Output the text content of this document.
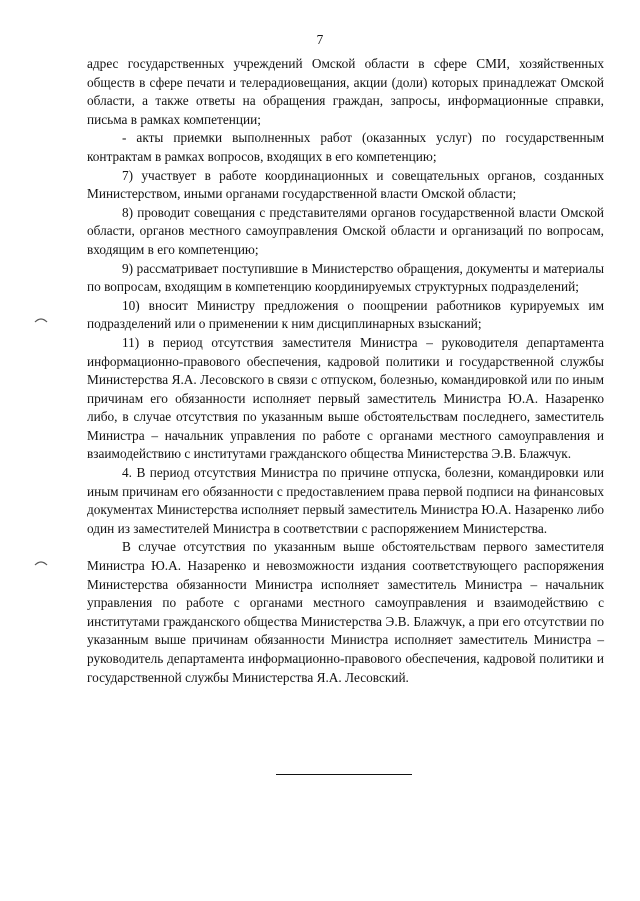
7

адрес государственных учреждений Омской области в сфере СМИ, хозяйственных обществ в сфере печати и телерадиовещания, акции (доли) которых принадлежат Омской области, а также ответы на обращения граждан, запросы, информационные справки, письма в рамках компетенции;

- акты приемки выполненных работ (оказанных услуг) по государственным контрактам в рамках вопросов, входящих в его компетенцию;

7) участвует в работе координационных и совещательных органов, созданных Министерством, иными органами государственной власти Омской области;

8) проводит совещания с представителями органов государственной власти Омской области, органов местного самоуправления Омской области и организаций по вопросам, входящим в его компетенцию;

9) рассматривает поступившие в Министерство обращения, документы и материалы по вопросам, входящим в компетенцию координируемых структурных подразделений;

10) вносит Министру предложения о поощрении работников курируемых им подразделений или о применении к ним дисциплинарных взысканий;

11) в период отсутствия заместителя Министра – руководителя департамента информационно-правового обеспечения, кадровой политики и государственной службы Министерства Я.А. Лесовского в связи с отпуском, болезнью, командировкой или по иным причинам его обязанности исполняет первый заместитель Министра Ю.А. Назаренко либо, в случае отсутствия по указанным выше обстоятельствам последнего, заместитель Министра – начальник управления по работе с органами местного самоуправления и взаимодействию с институтами гражданского общества Министерства Э.В. Блажчук.

4. В период отсутствия Министра по причине отпуска, болезни, командировки или иным причинам его обязанности с предоставлением права первой подписи на финансовых документах Министерства исполняет первый заместитель Министра Ю.А. Назаренко либо один из заместителей Министра в соответствии с распоряжением Министерства.

В случае отсутствия по указанным выше обстоятельствам первого заместителя Министра Ю.А. Назаренко и невозможности издания соответствующего распоряжения Министерства обязанности Министра исполняет заместитель Министра – начальник управления по работе с органами местного самоуправления и взаимодействию с институтами гражданского общества Министерства Э.В. Блажчук, а при его отсутствии по указанным выше причинам обязанности Министра исполняет заместитель Министра – руководитель департамента информационно-правового обеспечения, кадровой политики и государственной службы Министерства Я.А. Лесовский.
